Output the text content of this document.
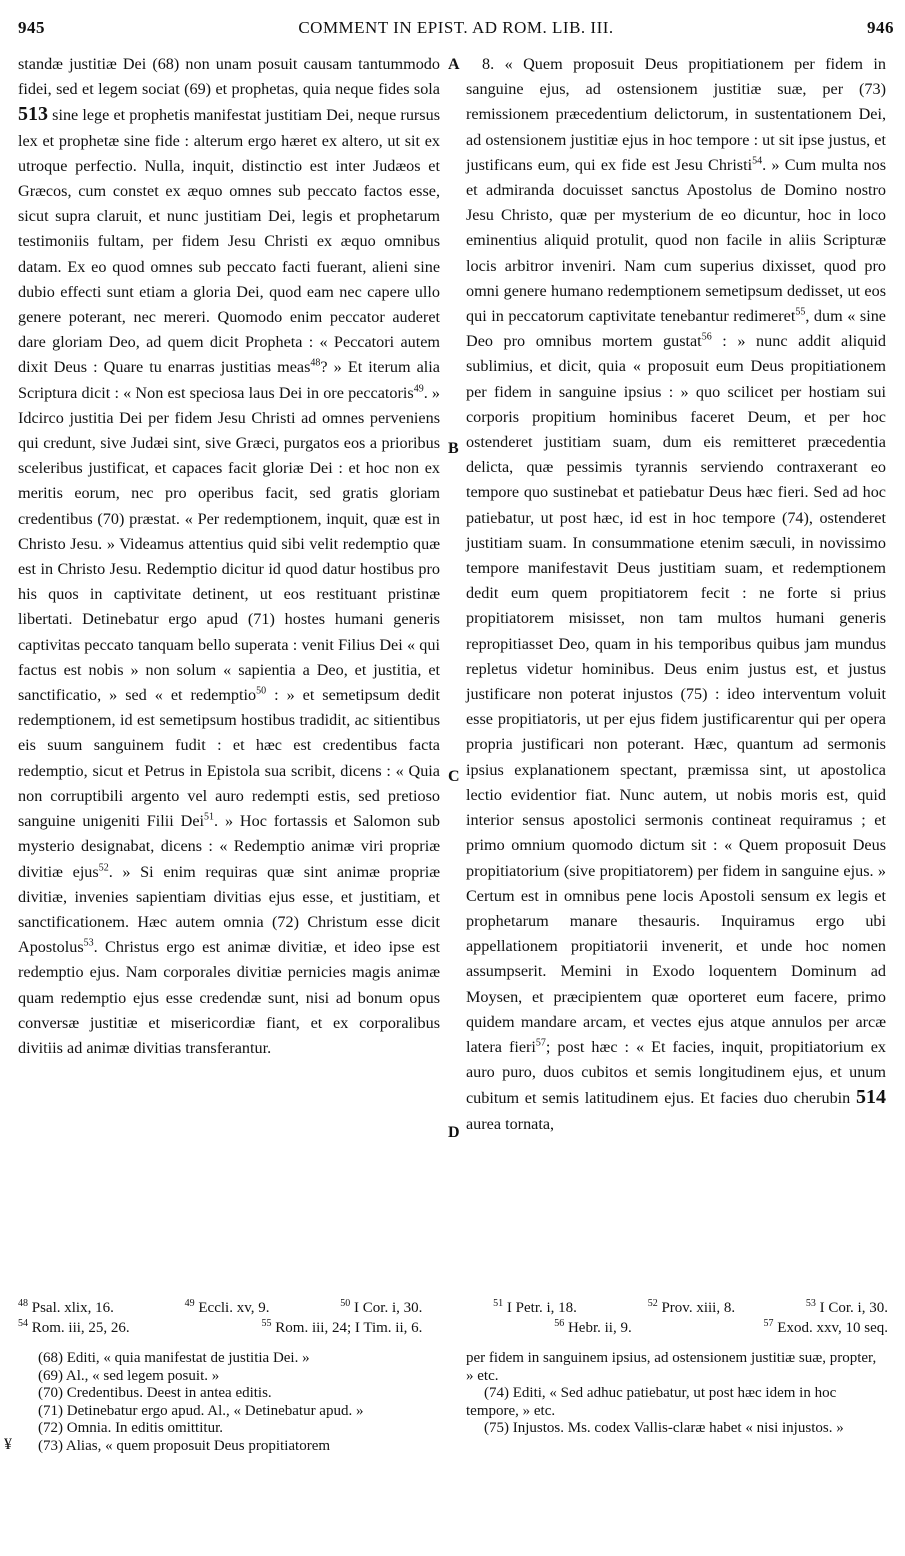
945	COMMENT IN EPIST. AD ROM. LIB. III.	946
A
B
C
D

standæ justitiæ Dei (68) non unam posuit causam tantummodo fidei, sed et legem sociat (69) et prophetas, quia neque fides sola 513 sine lege et prophetis manifestat justitiam Dei, neque rursus lex et prophetæ sine fide : alterum ergo hæret ex altero, ut sit ex utroque perfectio. Nulla, inquit, distinctio est inter Judæos et Græcos, cum constet ex æquo omnes sub peccato factos esse, sicut supra claruit, et nunc justitiam Dei, legis et prophetarum testimoniis fultam, per fidem Jesu Christi ex æquo omnibus datam. Ex eo quod omnes sub peccato facti fuerant, alieni sine dubio effecti sunt etiam a gloria Dei, quod eam nec capere ullo genere poterant, nec mereri. Quomodo enim peccator auderet dare gloriam Deo, ad quem dicit Propheta : « Peccatori autem dixit Deus : Quare tu enarras justitias meas$^{48}$? » Et iterum alia Scriptura dicit : « Non est speciosa laus Dei in ore peccatoris$^{49}$. » Idcirco justitia Dei per fidem Jesu Christi ad omnes perveniens qui credunt, sive Judæi sint, sive Græci, purgatos eos a prioribus sceleribus justificat, et capaces facit gloriæ Dei : et hoc non ex meritis eorum, nec pro operibus facit, sed gratis gloriam credentibus (70) præstat. « Per redemptionem, inquit, quæ est in Christo Jesu. » Videamus attentius quid sibi velit redemptio quæ est in Christo Jesu. Redemptio dicitur id quod datur hostibus pro his quos in captivitate detinent, ut eos restituant pristinæ libertati. Detinebatur ergo apud (71) hostes humani generis captivitas peccato tanquam bello superata : venit Filius Dei « qui factus est nobis » non solum « sapientia a Deo, et justitia, et sanctificatio, » sed « et redemptio$^{50}$ : » et semetipsum dedit redemptionem, id est semetipsum hostibus tradidit, ac sitientibus eis suum sanguinem fudit : et hæc est credentibus facta redemptio, sicut et Petrus in Epistola sua scribit, dicens : « Quia non corruptibili argento vel auro redempti estis, sed pretioso sanguine unigeniti Filii Dei$^{51}$. » Hoc fortassis et Salomon sub mysterio designabat, dicens : « Redemptio animæ viri propriæ divitiæ ejus$^{52}$. » Si enim requiras quæ sint animæ propriæ divitiæ, invenies sapientiam divitias ejus esse, et justitiam, et sanctificationem. Hæc autem omnia (72) Christum esse dicit Apostolus$^{53}$. Christus ergo est animæ divitiæ, et ideo ipse est redemptio ejus. Nam corporales divitiæ pernicies magis animæ quam redemptio ejus esse credendæ sunt, nisi ad bonum opus conversæ justitiæ et misericordiæ fiant, et ex corporalibus divitiis ad animæ divitias transferantur.

8. « Quem proposuit Deus propitiationem per fidem in sanguine ejus, ad ostensionem justitiæ suæ, per (73) remissionem præcedentium delictorum, in sustentationem Dei, ad ostensionem justitiæ ejus in hoc tempore : ut sit ipse justus, et justificans eum, qui ex fide est Jesu Christi$^{54}$. » Cum multa nos et admiranda docuisset sanctus Apostolus de Domino nostro Jesu Christo, quæ per mysterium de eo dicuntur, hoc in loco eminentius aliquid protulit, quod non facile in aliis Scripturæ locis arbitror inveniri. Nam cum superius dixisset, quod pro omni genere humano redemptionem semetipsum dedisset, ut eos qui in peccatorum captivitate tenebantur redimeret$^{55}$, dum « sine Deo pro omnibus mortem gustat$^{56}$ : » nunc addit aliquid sublimius, et dicit, quia « proposuit eum Deus propitiationem per fidem in sanguine ipsius : » quo scilicet per hostiam sui corporis propitium hominibus faceret Deum, et per hoc ostenderet justitiam suam, dum eis remitteret præcedentia delicta, quæ pessimis tyrannis serviendo contraxerant eo tempore quo sustinebat et patiebatur Deus hæc fieri. Sed ad hoc patiebatur, ut post hæc, id est in hoc tempore (74), ostenderet justitiam suam. In consummatione etenim sæculi, in novissimo tempore manifestavit Deus justitiam suam, et redemptionem dedit eum quem propitiatorem fecit : ne forte si prius propitiatorem misisset, non tam multos humani generis repropitiasset Deo, quam in his temporibus quibus jam mundus repletus videtur hominibus. Deus enim justus est, et justus justificare non poterat injustos (75) : ideo interventum voluit esse propitiatoris, ut per ejus fidem justificarentur qui per opera propria justificari non poterant. Hæc, quantum ad sermonis ipsius explanationem spectant, præmissa sint, ut apostolica lectio evidentior fiat. Nunc autem, ut nobis moris est, quid interior sensus apostolici sermonis contineat requiramus ; et primo omnium quomodo dictum sit : « Quem proposuit Deus propitiatorium (sive propitiatorem) per fidem in sanguine ejus. » Certum est in omnibus pene locis Apostoli sensum ex legis et prophetarum manare thesauris. Inquiramus ergo ubi appellationem propitiatorii invenerit, et unde hoc nomen assumpserit. Memini in Exodo loquentem Dominum ad Moysen, et præcipientem quæ oporteret eum facere, primo quidem mandare arcam, et vectes ejus atque annulos per arcæ latera fieri$^{57}$; post hæc : « Et facies, inquit, propitiatorium ex auro puro, duos cubitos et semis longitudinem ejus, et unum cubitum et semis latitudinem ejus. Et facies duo cherubin 514 aurea tornata,

$^{48}$ Psal. xlix, 16.	$^{49}$ Eccli. xv, 9.	$^{50}$ I Cor. i, 30.	$^{51}$ I Petr. i, 18.	$^{52}$ Prov. xiii, 8.	$^{53}$ I Cor. i, 30.
$^{54}$ Rom. iii, 25, 26.	$^{55}$ Rom. iii, 24; I Tim. ii, 6.	$^{56}$ Hebr. ii, 9.	$^{57}$ Exod. xxv, 10 seq.

(68) Editi, « quia manifestat de justitia Dei. »

(69) Al., « sed legem posuit. »

(70) Credentibus. Deest in antea editis.

(71) Detinebatur ergo apud. Al., « Detinebatur apud. »

(72) Omnia. In editis omittitur.

(73) Alias, « quem proposuit Deus propitiatorem

per fidem in sanguinem ipsius, ad ostensionem justitiæ suæ, propter, » etc.

(74) Editi, « Sed adhuc patiebatur, ut post hæc idem in hoc tempore, » etc.

(75) Injustos. Ms. codex Vallis-claræ habet « nisi injustos. »

¥
